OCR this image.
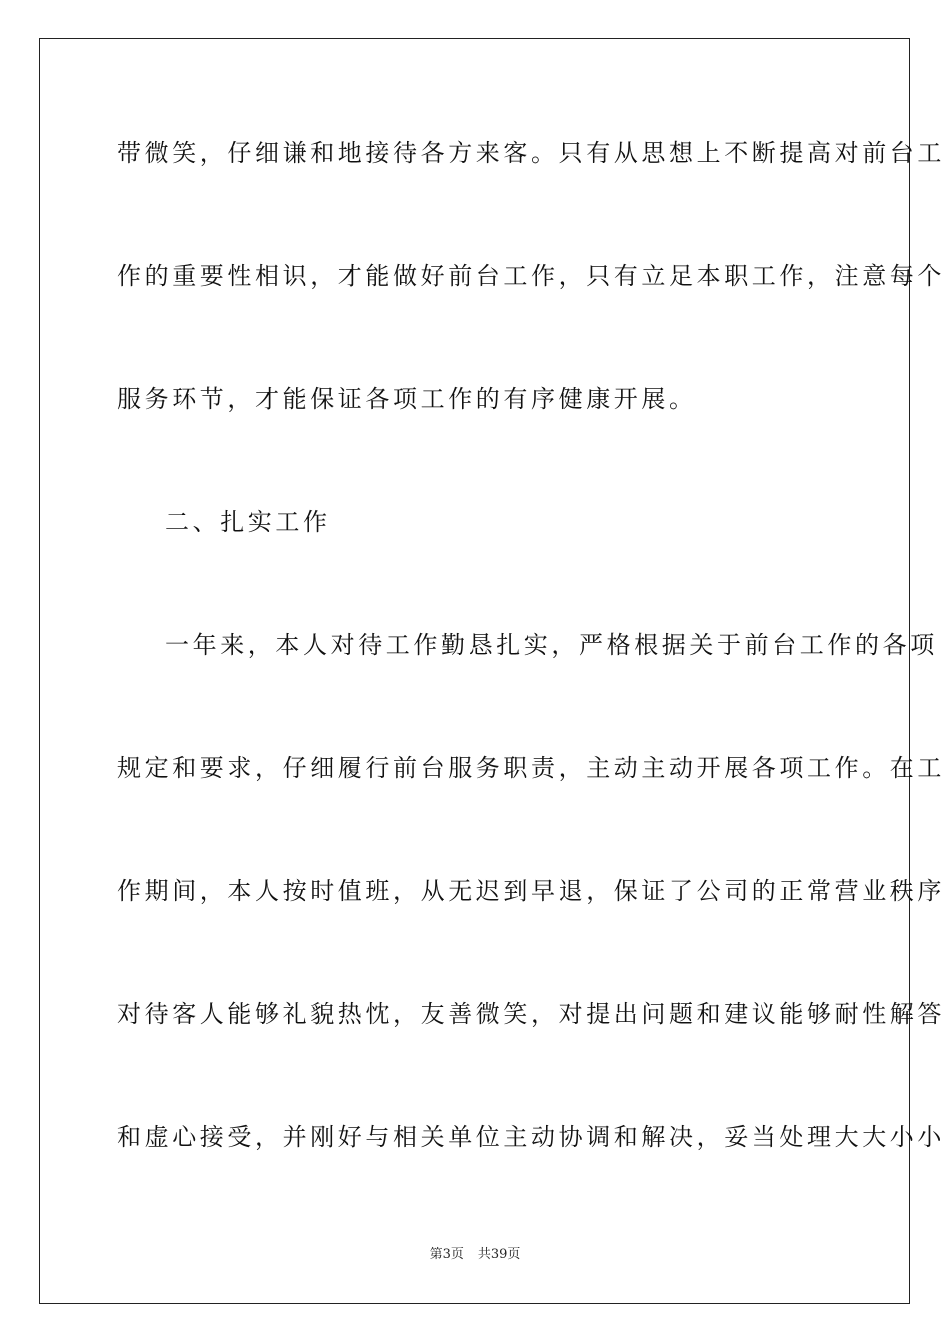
带微笑，仔细谦和地接待各方来客。只有从思想上不断提高对前台工
作的重要性相识，才能做好前台工作，只有立足本职工作，注意每个
服务环节，才能保证各项工作的有序健康开展。
二、扎实工作
一年来，本人对待工作勤恳扎实，严格根据关于前台工作的各项
规定和要求，仔细履行前台服务职责，主动主动开展各项工作。在工
作期间，本人按时值班，从无迟到早退，保证了公司的正常营业秩序
对待客人能够礼貌热忱，友善微笑，对提出问题和建议能够耐性解答
和虚心接受，并刚好与相关单位主动协调和解决，妥当处理大大小小
第3页 共39页
